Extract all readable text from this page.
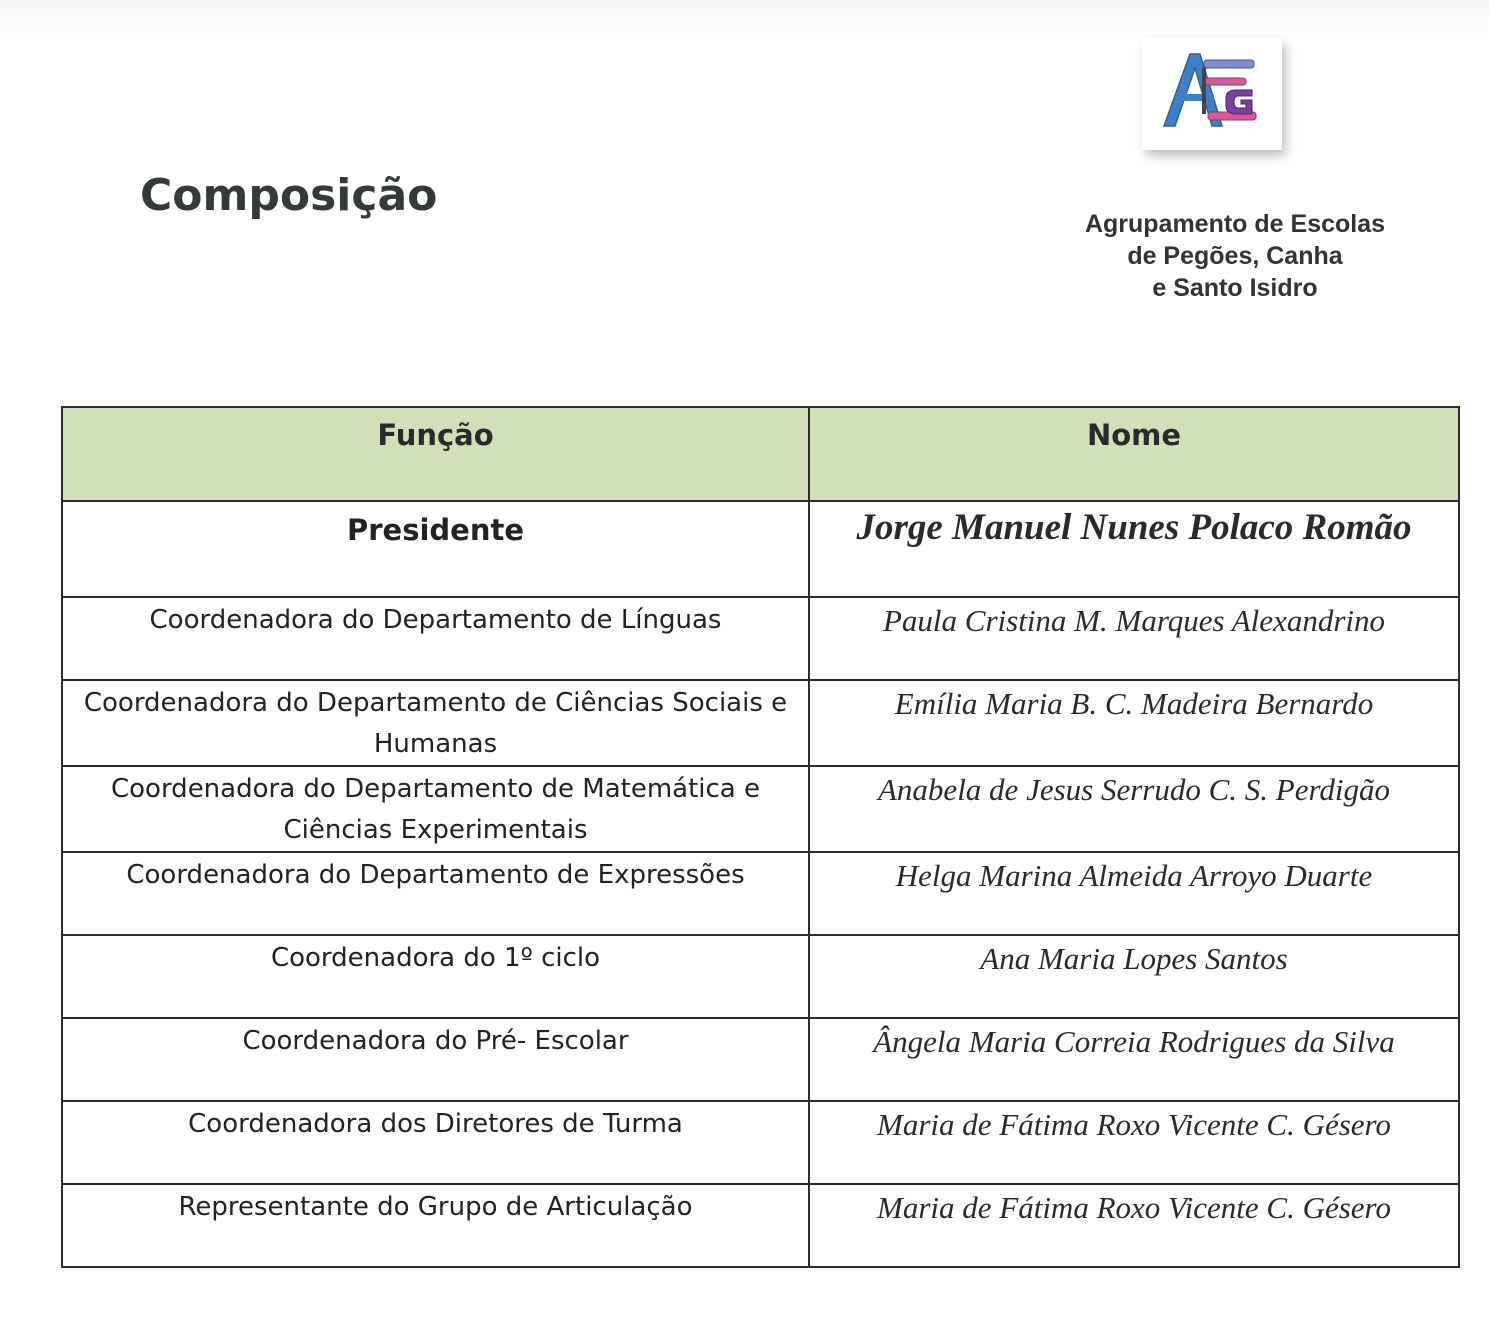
Composição
Agrupamento de Escolas
de Pegões, Canha
e Santo Isidro
Função	Nome

Presidente	Jorge Manuel Nunes Polaco Romão

Coordenadora do Departamento de Línguas	Paula Cristina M. Marques Alexandrino

Coordenadora do Departamento de Ciências Sociais e Humanas	Emília Maria B. C. Madeira Bernardo

Coordenadora do Departamento de Matemática e Ciências Experimentais	Anabela de Jesus Serrudo C. S. Perdigão

Coordenadora do Departamento de Expressões	Helga Marina Almeida Arroyo Duarte

Coordenadora do 1º ciclo	Ana Maria Lopes Santos

Coordenadora do Pré- Escolar	Ângela Maria Correia Rodrigues da Silva

Coordenadora dos Diretores de Turma	Maria de Fátima Roxo Vicente C. Gésero

Representante do Grupo de Articulação	Maria de Fátima Roxo Vicente C. Gésero
